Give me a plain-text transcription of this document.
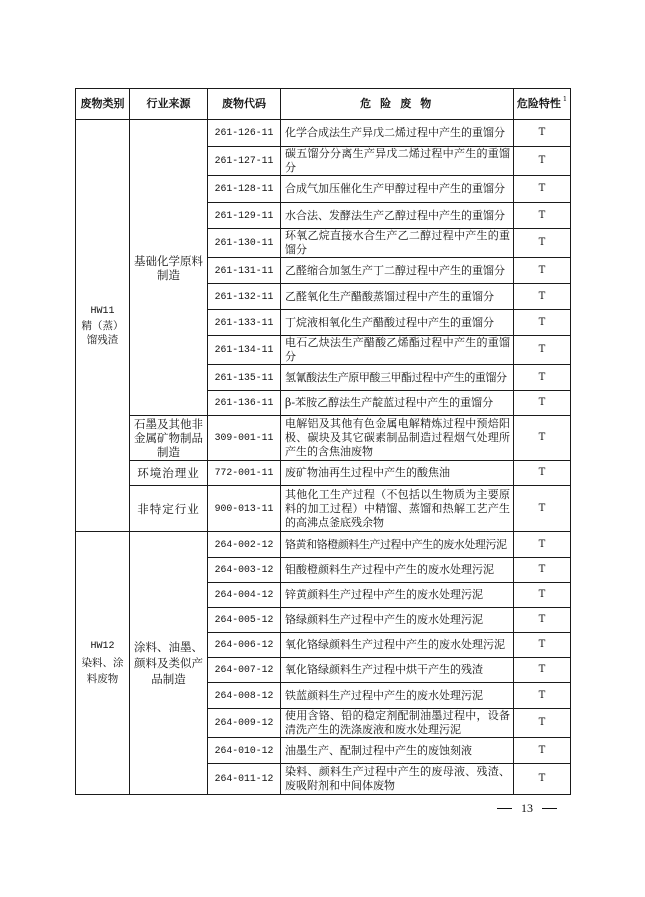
废物类别	行业来源	废物代码	危 险 废 物	危险特性 $^1$

HW11
精（蒸）馏残渣	基础化学原料制造	261-126-11	化学合成法生产异戊二烯过程中产生的重馏分	T
		261-127-11	碳五馏分分离生产异戊二烯过程中产生的重馏分	T
		261-128-11	合成气加压催化生产甲醇过程中产生的重馏分	T
		261-129-11	水合法、发酵法生产乙醇过程中产生的重馏分	T
		261-130-11	环氧乙烷直接水合生产乙二醇过程中产生的重馏分	T
		261-131-11	乙醛缩合加氢生产丁二醇过程中产生的重馏分	T
		261-132-11	乙醛氧化生产醋酸蒸馏过程中产生的重馏分	T
		261-133-11	丁烷液相氧化生产醋酸过程中产生的重馏分	T
		261-134-11	电石乙炔法生产醋酸乙烯酯过程中产生的重馏分	T
		261-135-11	氢氰酸法生产原甲酸三甲酯过程中产生的重馏分	T
		261-136-11	β-苯胺乙醇法生产靛蓝过程中产生的重馏分	T
	石墨及其他非金属矿物制品制造	309-001-11	电解铝及其他有色金属电解精炼过程中预焙阳极、碳块及其它碳素制品制造过程烟气处理所产生的含焦油废物	T
	环境治理业	772-001-11	废矿物油再生过程中产生的酸焦油	T
	非特定行业	900-013-11	其他化工生产过程（不包括以生物质为主要原料的加工过程）中精馏、蒸馏和热解工艺产生的高沸点釜底残余物	T

HW12
染料、涂料废物	涂料、油墨、颜料及类似产品制造	264-002-12	铬黄和铬橙颜料生产过程中产生的废水处理污泥	T
		264-003-12	钼酸橙颜料生产过程中产生的废水处理污泥	T
		264-004-12	锌黄颜料生产过程中产生的废水处理污泥	T
		264-005-12	铬绿颜料生产过程中产生的废水处理污泥	T
		264-006-12	氧化铬绿颜料生产过程中产生的废水处理污泥	T
		264-007-12	氧化铬绿颜料生产过程中烘干产生的残渣	T
		264-008-12	铁蓝颜料生产过程中产生的废水处理污泥	T
		264-009-12	使用含铬、铅的稳定剂配制油墨过程中，设备清洗产生的洗涤废液和废水处理污泥	T
		264-010-12	油墨生产、配制过程中产生的废蚀刻液	T
		264-011-12	染料、颜料生产过程中产生的废母液、残渣、废吸附剂和中间体废物	T
13
